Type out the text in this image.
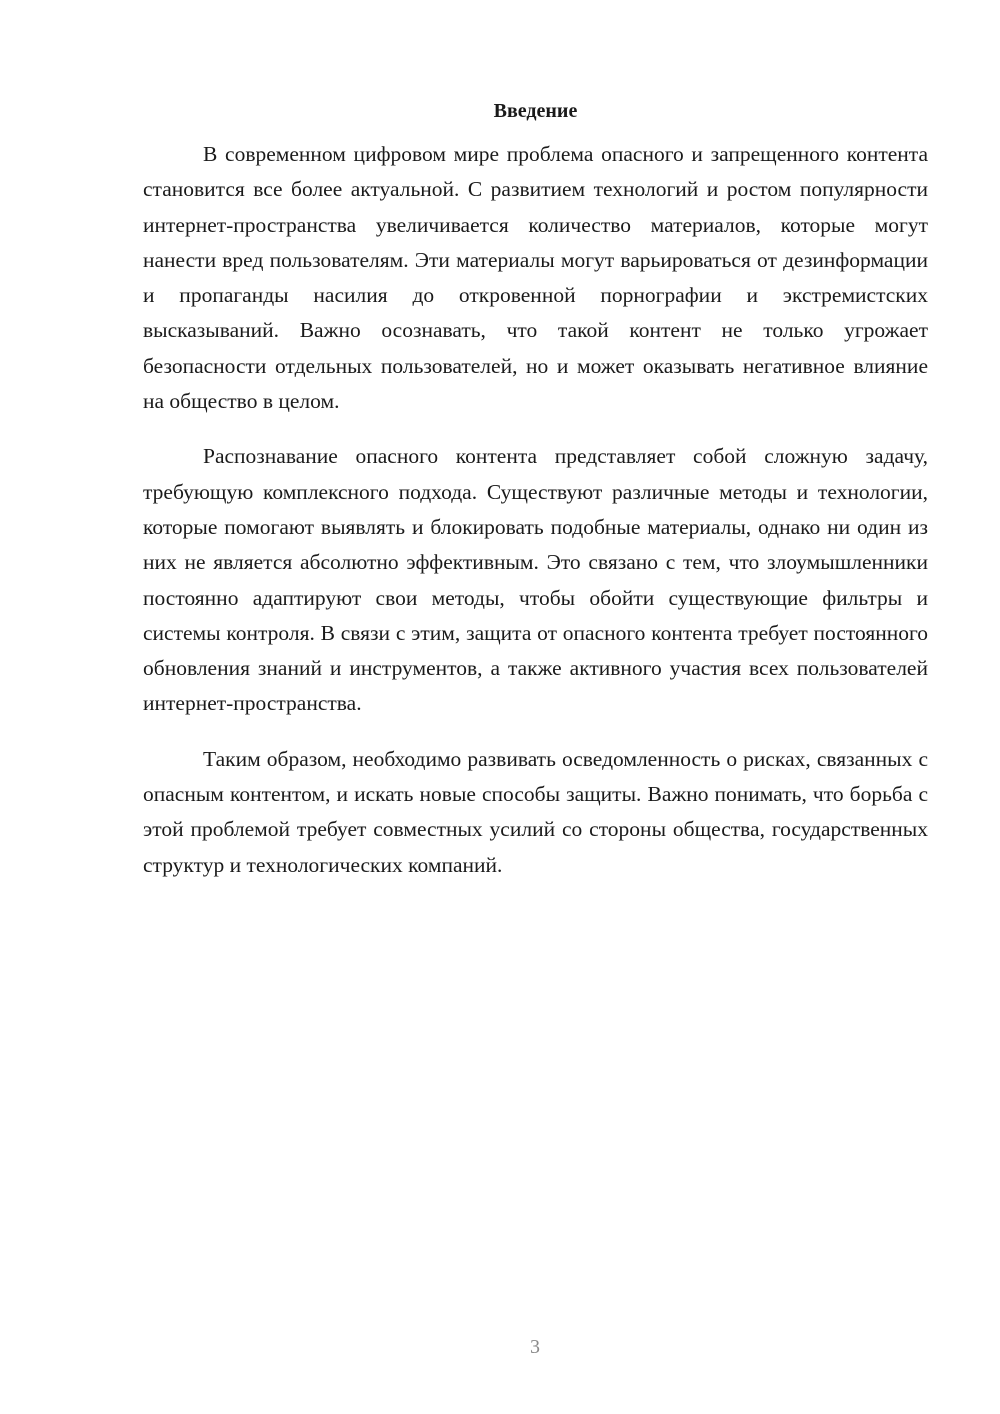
Введение

В современном цифровом мире проблема опасного и запрещенного контента становится все более актуальной. С развитием технологий и ростом популярности интернет-пространства увеличивается количество материалов, которые могут нанести вред пользователям. Эти материалы могут варьироваться от дезинформации и пропаганды насилия до откровенной порнографии и экстремистских высказываний. Важно осознавать, что такой контент не только угрожает безопасности отдельных пользователей, но и может оказывать негативное влияние на общество в целом.

Распознавание опасного контента представляет собой сложную задачу, требующую комплексного подхода. Существуют различные методы и технологии, которые помогают выявлять и блокировать подобные материалы, однако ни один из них не является абсолютно эффективным. Это связано с тем, что злоумышленники постоянно адаптируют свои методы, чтобы обойти существующие фильтры и системы контроля. В связи с этим, защита от опасного контента требует постоянного обновления знаний и инструментов, а также активного участия всех пользователей интернет-пространства.

Таким образом, необходимо развивать осведомленность о рисках, связанных с опасным контентом, и искать новые способы защиты. Важно понимать, что борьба с этой проблемой требует совместных усилий со стороны общества, государственных структур и технологических компаний.

3
